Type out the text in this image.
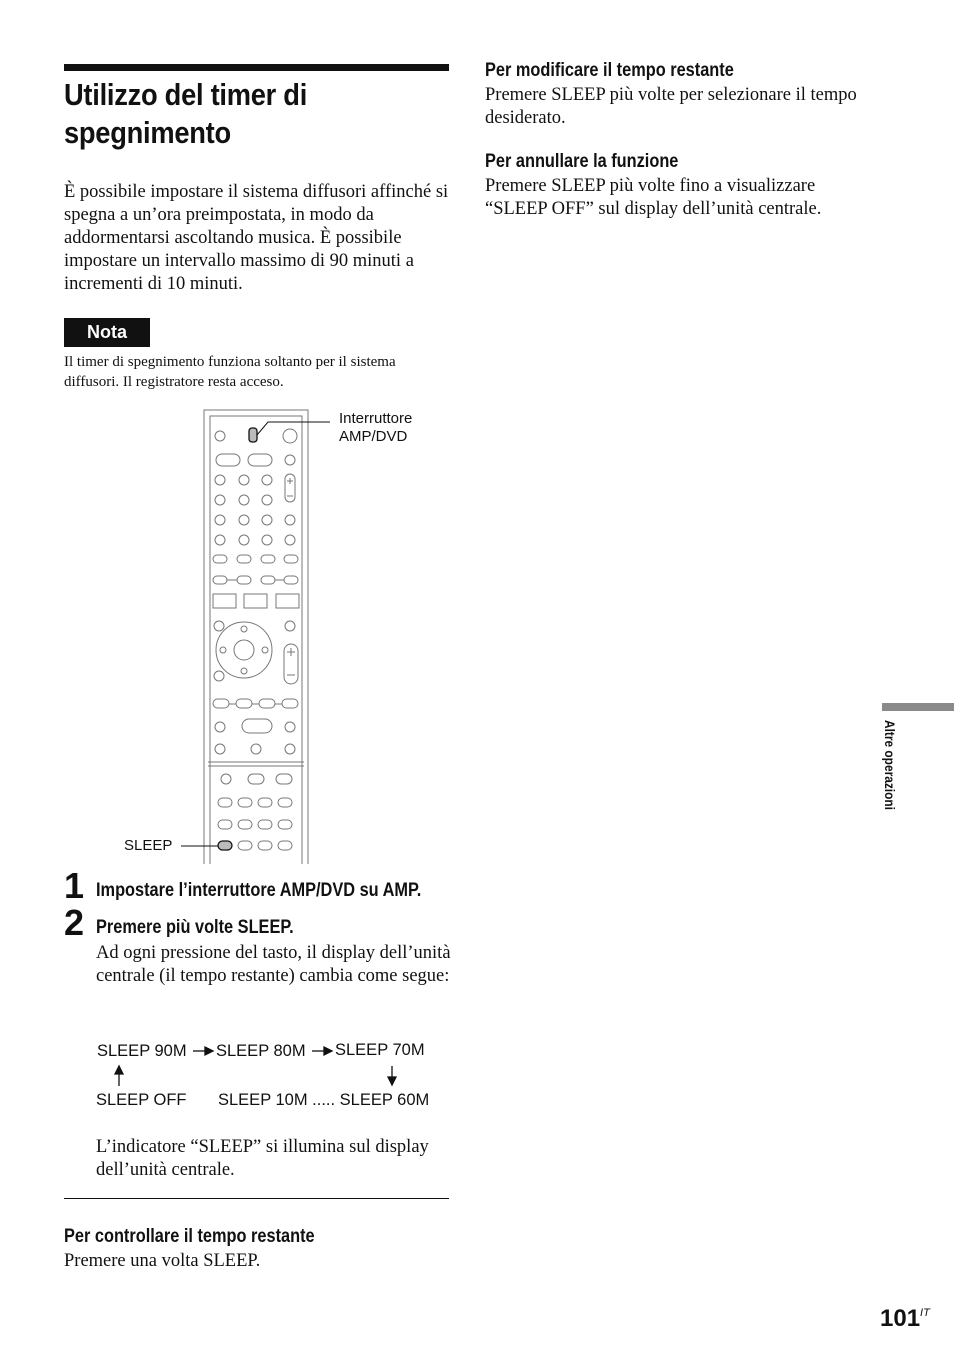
Utilizzo del timer di spegnimento
È possibile impostare il sistema diffusori affinché si spegna a un’ora preimpostata, in modo da addormentarsi ascoltando musica. È possibile impostare un intervallo massimo di 90 minuti a incrementi di 10 minuti.
Nota
Il timer di spegnimento funziona soltanto per il sistema diffusori. Il registratore resta acceso.
Interruttore
AMP/DVD
SLEEP
1 Impostare l’interruttore AMP/DVD su AMP.
2 Premere più volte SLEEP.
Ad ogni pressione del tasto, il display dell’unità centrale (il tempo restante) cambia come segue:
SLEEP 90M SLEEP 80M SLEEP 70M
SLEEP OFF SLEEP 10M ..... SLEEP 60M
L’indicatore “SLEEP” si illumina sul display dell’unità centrale.
Per controllare il tempo restante
Premere una volta SLEEP.
Per modificare il tempo restante
Premere SLEEP più volte per selezionare il tempo desiderato.
Per annullare la funzione
Premere SLEEP più volte fino a visualizzare “SLEEP OFF” sul display dell’unità centrale.
Altre operazioni
$101^{IT}$
